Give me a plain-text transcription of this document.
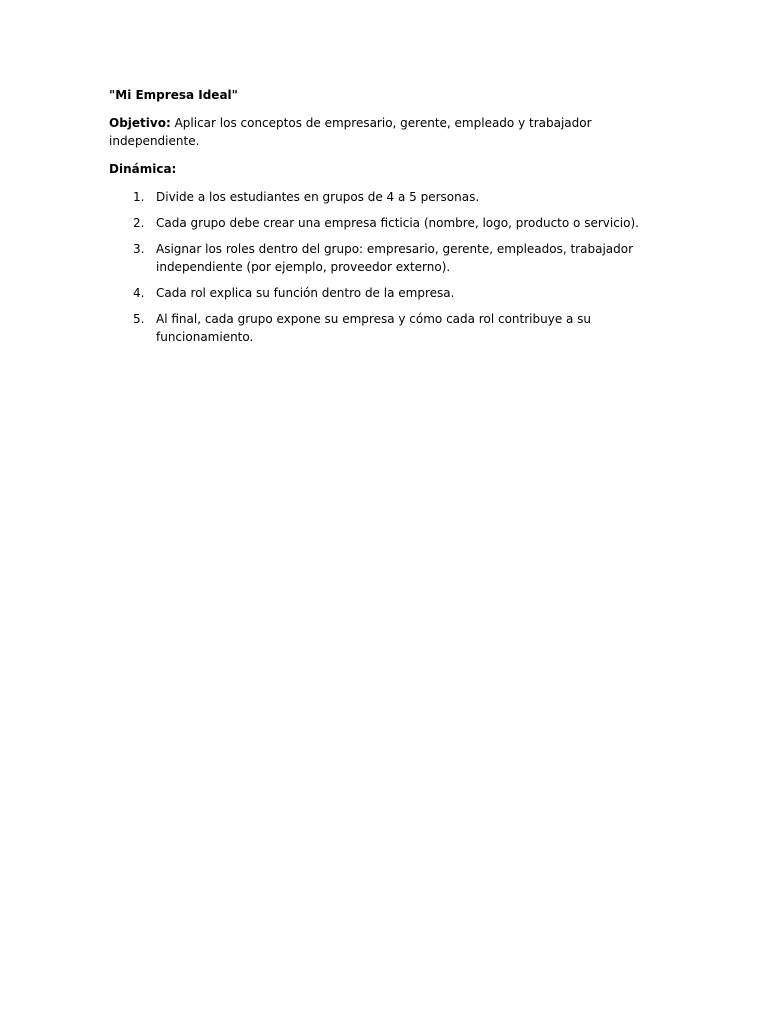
"Mi Empresa Ideal"
Objetivo: Aplicar los conceptos de empresario, gerente, empleado y trabajador independiente.
Dinámica:
1. Divide a los estudiantes en grupos de 4 a 5 personas.
2. Cada grupo debe crear una empresa ficticia (nombre, logo, producto o servicio).
3. Asignar los roles dentro del grupo: empresario, gerente, empleados, trabajador independiente (por ejemplo, proveedor externo).
4. Cada rol explica su función dentro de la empresa.
5. Al final, cada grupo expone su empresa y cómo cada rol contribuye a su funcionamiento.
